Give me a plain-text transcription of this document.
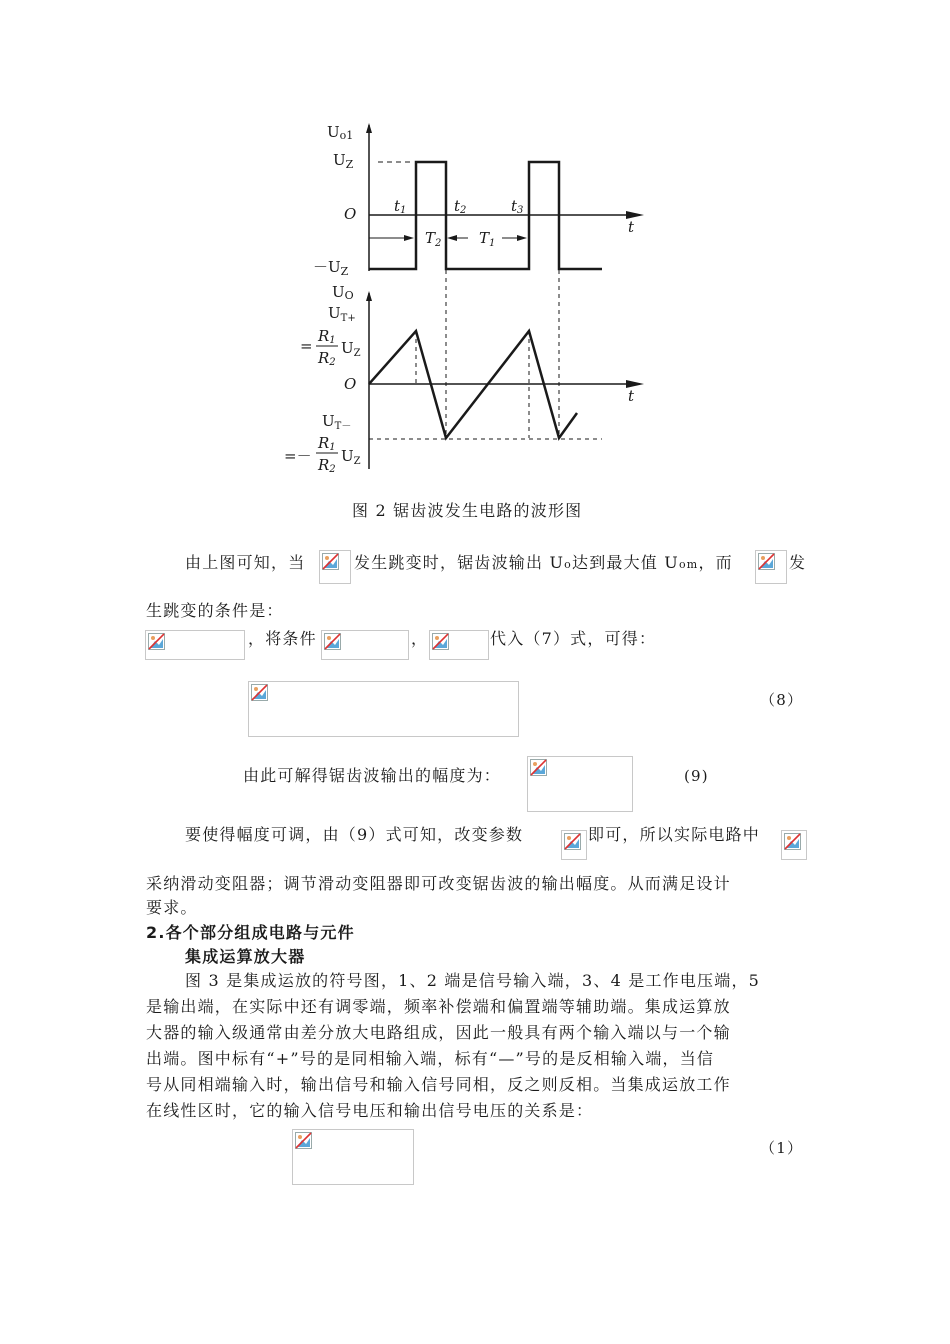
Uo1
$U_Z$
O
$-U_Z$
t
t1	t2	t3
$T_2$	$T_1$
UO
$U_{T+}$
=
R1
R2
$U_Z$
O
t
$U_{T-}$
=－
R1
R2
$U_Z$
图 2 锯齿波发生电路的波形图
由上图可知，当	发生跳变时，锯齿波输出 Uo达到最大值 Uom，而	发
生跳变的条件是：
，将条件	，	代入（7）式，可得：
（8）
由此可解得锯齿波输出的幅度为：	(9)
要使得幅度可调，由（9）式可知，改变参数	即可，所以实际电路中
采纳滑动变阻器；调节滑动变阻器即可改变锯齿波的输出幅度。从而满足设计
要求。
2.各个部分组成电路与元件
集成运算放大器
图 3 是集成运放的符号图，1、2 端是信号输入端，3、4 是工作电压端，5
是输出端，在实际中还有调零端，频率补偿端和偏置端等辅助端。集成运算放
大器的输入级通常由差分放大电路组成，因此一般具有两个输入端以与一个输
出端。图中标有“+”号的是同相输入端，标有“—”号的是反相输入端，当信
号从同相端输入时，输出信号和输入信号同相，反之则反相。当集成运放工作
在线性区时，它的输入信号电压和输出信号电压的关系是：
（1）
